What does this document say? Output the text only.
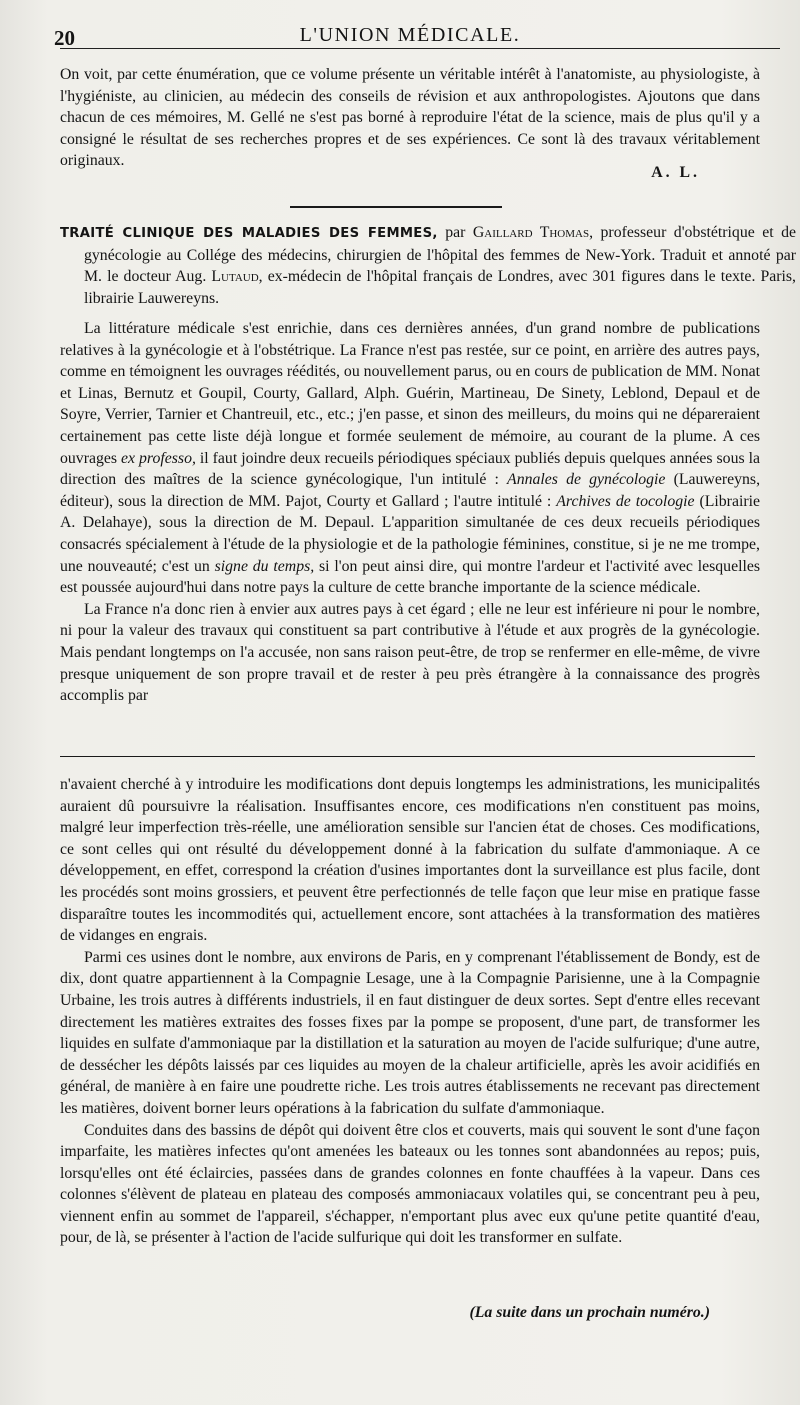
20	L'UNION MÉDICALE.

On voit, par cette énumération, que ce volume présente un véritable intérêt à l'anatomiste, au physiologiste, à l'hygiéniste, au clinicien, au médecin des conseils de révision et aux anthropologistes. Ajoutons que dans chacun de ces mémoires, M. Gellé ne s'est pas borné à reproduire l'état de la science, mais de plus qu'il y a consigné le résultat de ses recherches propres et de ses expériences. Ce sont là des travaux véritablement originaux.

A. L.
TRAITÉ CLINIQUE DES MALADIES DES FEMMES, par Gaillard Thomas, professeur d'obstétrique et de gynécologie au Collége des médecins, chirurgien de l'hôpital des femmes de New-York. Traduit et annoté par M. le docteur Aug. Lutaud, ex-médecin de l'hôpital français de Londres, avec 301 figures dans le texte. Paris, librairie Lauwereyns.

La littérature médicale s'est enrichie, dans ces dernières années, d'un grand nombre de publications relatives à la gynécologie et à l'obstétrique. La France n'est pas restée, sur ce point, en arrière des autres pays, comme en témoignent les ouvrages réédités, ou nouvellement parus, ou en cours de publication de MM. Nonat et Linas, Bernutz et Goupil, Courty, Gallard, Alph. Guérin, Martineau, De Sinety, Leblond, Depaul et de Soyre, Verrier, Tarnier et Chantreuil, etc., etc.; j'en passe, et sinon des meilleurs, du moins qui ne dépareraient certainement pas cette liste déjà longue et formée seulement de mémoire, au courant de la plume. A ces ouvrages ex professo, il faut joindre deux recueils périodiques spéciaux publiés depuis quelques années sous la direction des maîtres de la science gynécologique, l'un intitulé : Annales de gynécologie (Lauwereyns, éditeur), sous la direction de MM. Pajot, Courty et Gallard ; l'autre intitulé : Archives de tocologie (Librairie A. Delahaye), sous la direction de M. Depaul. L'apparition simultanée de ces deux recueils périodiques consacrés spécialement à l'étude de la physiologie et de la pathologie féminines, constitue, si je ne me trompe, une nouveauté; c'est un signe du temps, si l'on peut ainsi dire, qui montre l'ardeur et l'activité avec lesquelles est poussée aujourd'hui dans notre pays la culture de cette branche importante de la science médicale.

La France n'a donc rien à envier aux autres pays à cet égard ; elle ne leur est inférieure ni pour le nombre, ni pour la valeur des travaux qui constituent sa part contributive à l'étude et aux progrès de la gynécologie. Mais pendant longtemps on l'a accusée, non sans raison peut-être, de trop se renfermer en elle-même, de vivre presque uniquement de son propre travail et de rester à peu près étrangère à la connaissance des progrès accomplis par

n'avaient cherché à y introduire les modifications dont depuis longtemps les administrations, les municipalités auraient dû poursuivre la réalisation. Insuffisantes encore, ces modifications n'en constituent pas moins, malgré leur imperfection très-réelle, une amélioration sensible sur l'ancien état de choses. Ces modifications, ce sont celles qui ont résulté du développement donné à la fabrication du sulfate d'ammoniaque. A ce développement, en effet, correspond la création d'usines importantes dont la surveillance est plus facile, dont les procédés sont moins grossiers, et peuvent être perfectionnés de telle façon que leur mise en pratique fasse disparaître toutes les incommodités qui, actuellement encore, sont attachées à la transformation des matières de vidanges en engrais.

Parmi ces usines dont le nombre, aux environs de Paris, en y comprenant l'établissement de Bondy, est de dix, dont quatre appartiennent à la Compagnie Lesage, une à la Compagnie Parisienne, une à la Compagnie Urbaine, les trois autres à différents industriels, il en faut distinguer de deux sortes. Sept d'entre elles recevant directement les matières extraites des fosses fixes par la pompe se proposent, d'une part, de transformer les liquides en sulfate d'ammoniaque par la distillation et la saturation au moyen de l'acide sulfurique; d'une autre, de dessécher les dépôts laissés par ces liquides au moyen de la chaleur artificielle, après les avoir acidifiés en général, de manière à en faire une poudrette riche. Les trois autres établissements ne recevant pas directement les matières, doivent borner leurs opérations à la fabrication du sulfate d'ammoniaque.

Conduites dans des bassins de dépôt qui doivent être clos et couverts, mais qui souvent le sont d'une façon imparfaite, les matières infectes qu'ont amenées les bateaux ou les tonnes sont abandonnées au repos; puis, lorsqu'elles ont été éclaircies, passées dans de grandes colonnes en fonte chauffées à la vapeur. Dans ces colonnes s'élèvent de plateau en plateau des composés ammoniacaux volatiles qui, se concentrant peu à peu, viennent enfin au sommet de l'appareil, s'échapper, n'emportant plus avec eux qu'une petite quantité d'eau, pour, de là, se présenter à l'action de l'acide sulfurique qui doit les transformer en sulfate.

(La suite dans un prochain numéro.)
